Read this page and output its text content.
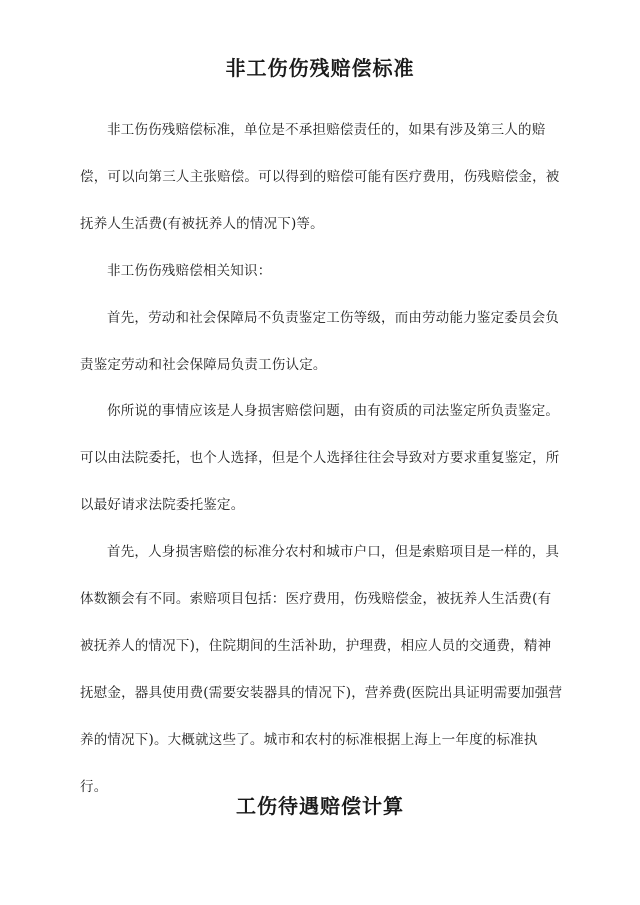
非工伤伤残赔偿标准

非工伤伤残赔偿标准，单位是不承担赔偿责任的，如果有涉及第三人的赔偿，可以向第三人主张赔偿。可以得到的赔偿可能有医疗费用，伤残赔偿金，被抚养人生活费(有被抚养人的情况下)等。

非工伤伤残赔偿相关知识：

首先，劳动和社会保障局不负责鉴定工伤等级，而由劳动能力鉴定委员会负责鉴定劳动和社会保障局负责工伤认定。

你所说的事情应该是人身损害赔偿问题，由有资质的司法鉴定所负责鉴定。可以由法院委托，也个人选择，但是个人选择往往会导致对方要求重复鉴定，所以最好请求法院委托鉴定。

首先，人身损害赔偿的标准分农村和城市户口，但是索赔项目是一样的，具体数额会有不同。索赔项目包括：医疗费用，伤残赔偿金，被抚养人生活费(有被抚养人的情况下)，住院期间的生活补助，护理费，相应人员的交通费，精神抚慰金，器具使用费(需要安装器具的情况下)，营养费(医院出具证明需要加强营养的情况下)。大概就这些了。城市和农村的标准根据上海上一年度的标准执行。

工伤待遇赔偿计算
